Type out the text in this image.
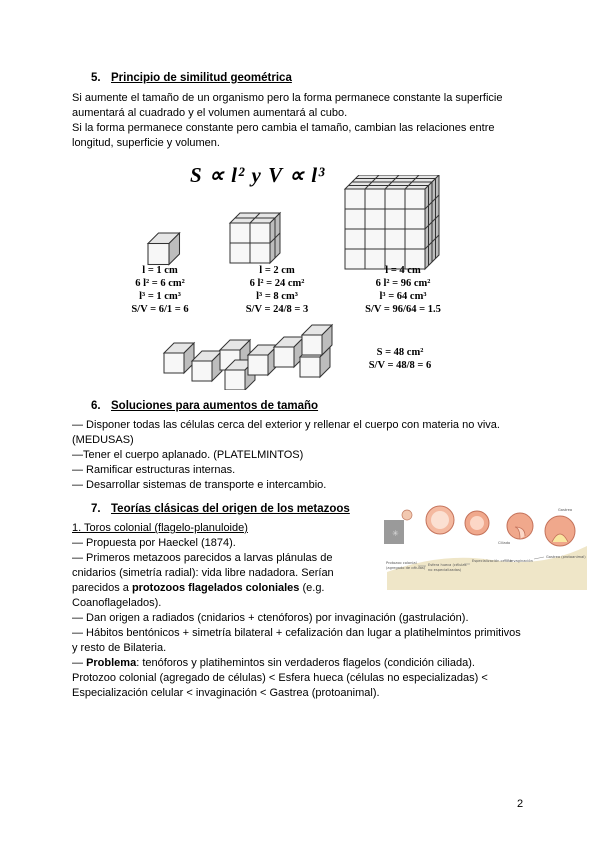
5. Principio de similitud geométrica
Si aumente el tamaño de un organismo pero la forma permanece constante la superficie
aumentará al cuadrado y el volumen aumentará al cubo.
Si la forma permanece constante pero cambia el tamaño, cambian las relaciones entre
longitud, superficie y volumen.
S ∝ l² y V ∝ l³
l = 1 cm
6 l² = 6 cm²
l³ = 1 cm³
S/V = 6/1 = 6
l = 2 cm
6 l² = 24 cm²
l³ = 8 cm³
S/V = 24/8 = 3
l = 4 cm
6 l² = 96 cm²
l³ = 64 cm³
S/V = 96/64 = 1.5
S = 48 cm²
S/V = 48/8 = 6
6. Soluciones para aumentos de tamaño
— Disponer todas las células cerca del exterior y rellenar el cuerpo con materia no viva.
(MEDUSAS)
—Tener el cuerpo aplanado. (PLATELMINTOS)
— Ramificar estructuras internas.
— Desarrollar sistemas de transporte e intercambio.
7. Teorías clásicas del origen de los metazoos
1. Toros colonial (flagelo-planuloide)
— Propuesta por Haeckel (1874).
— Primeros metazoos parecidos a larvas plánulas de
cnidarios (simetría radial): vida libre nadadora. Serían
parecidos a protozoos flagelados coloniales (e.g.
Coanoflagelados).
— Dan origen a radiados (cnidarios + ctenóforos) por invaginación (gastrulación).
— Hábitos bentónicos + simetría bilateral + cefalización dan lugar a platihelmintos primitivos
y resto de Bilateria.
— Problema: tenóforos y platihemintos sin verdaderos flagelos (condición ciliada).
Protozoo colonial (agregado de células) < Esfera hueca (células no especializadas) <
Especialización celular < invaginación < Gastrea (protoanimal).
✳
Protozoo colonial
(agregado de células)
Esfera hueca (células
no especializadas)
Especialización celular
Invaginación
Gastrea (protoanimal)
Ciliado
Gastrea
2
